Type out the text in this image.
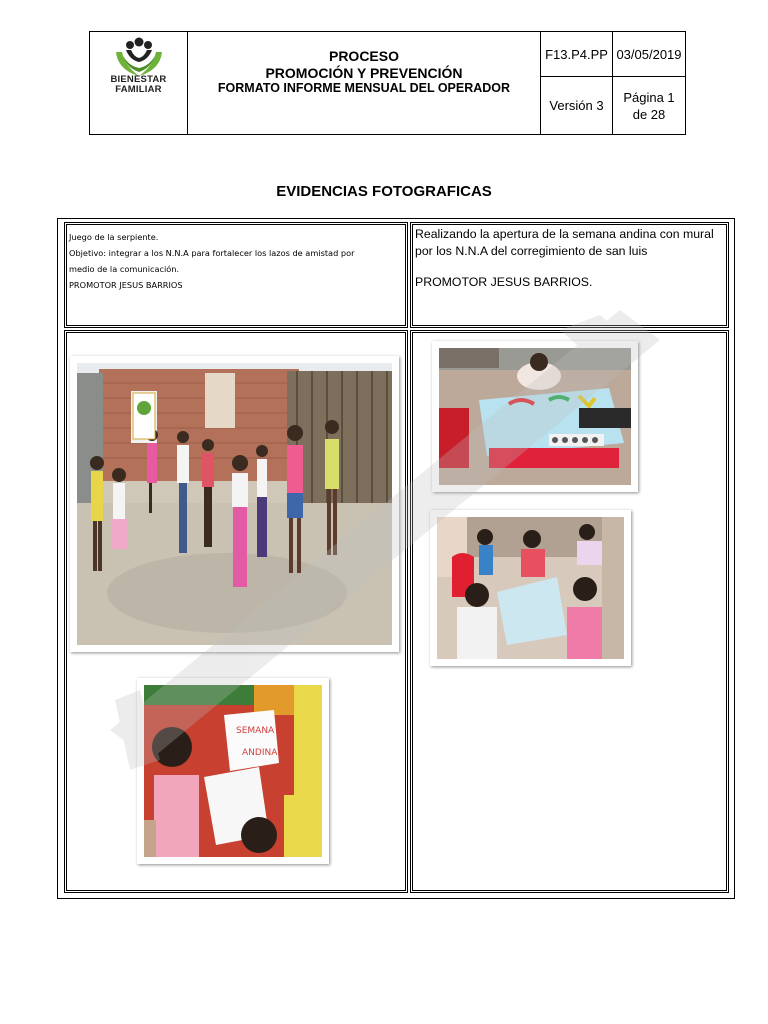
BIENESTAR
FAMILIAR
PROCESO
PROMOCIÓN Y PREVENCIÓN
FORMATO INFORME MENSUAL DEL OPERADOR
F13.P4.PP 03/05/2019
Versión 3
Página 1
de 28
EVIDENCIAS FOTOGRAFICAS
Juego de la serpiente.
Objetivo: integrar a los N.N.A para fortalecer los lazos de amistad por
medio de la comunicación.
PROMOTOR JESUS BARRIOS
Realizando la apertura de la semana andina con mural por los N.N.A del corregimiento de san luis
PROMOTOR JESUS BARRIOS.
SEMANA
ANDINA
